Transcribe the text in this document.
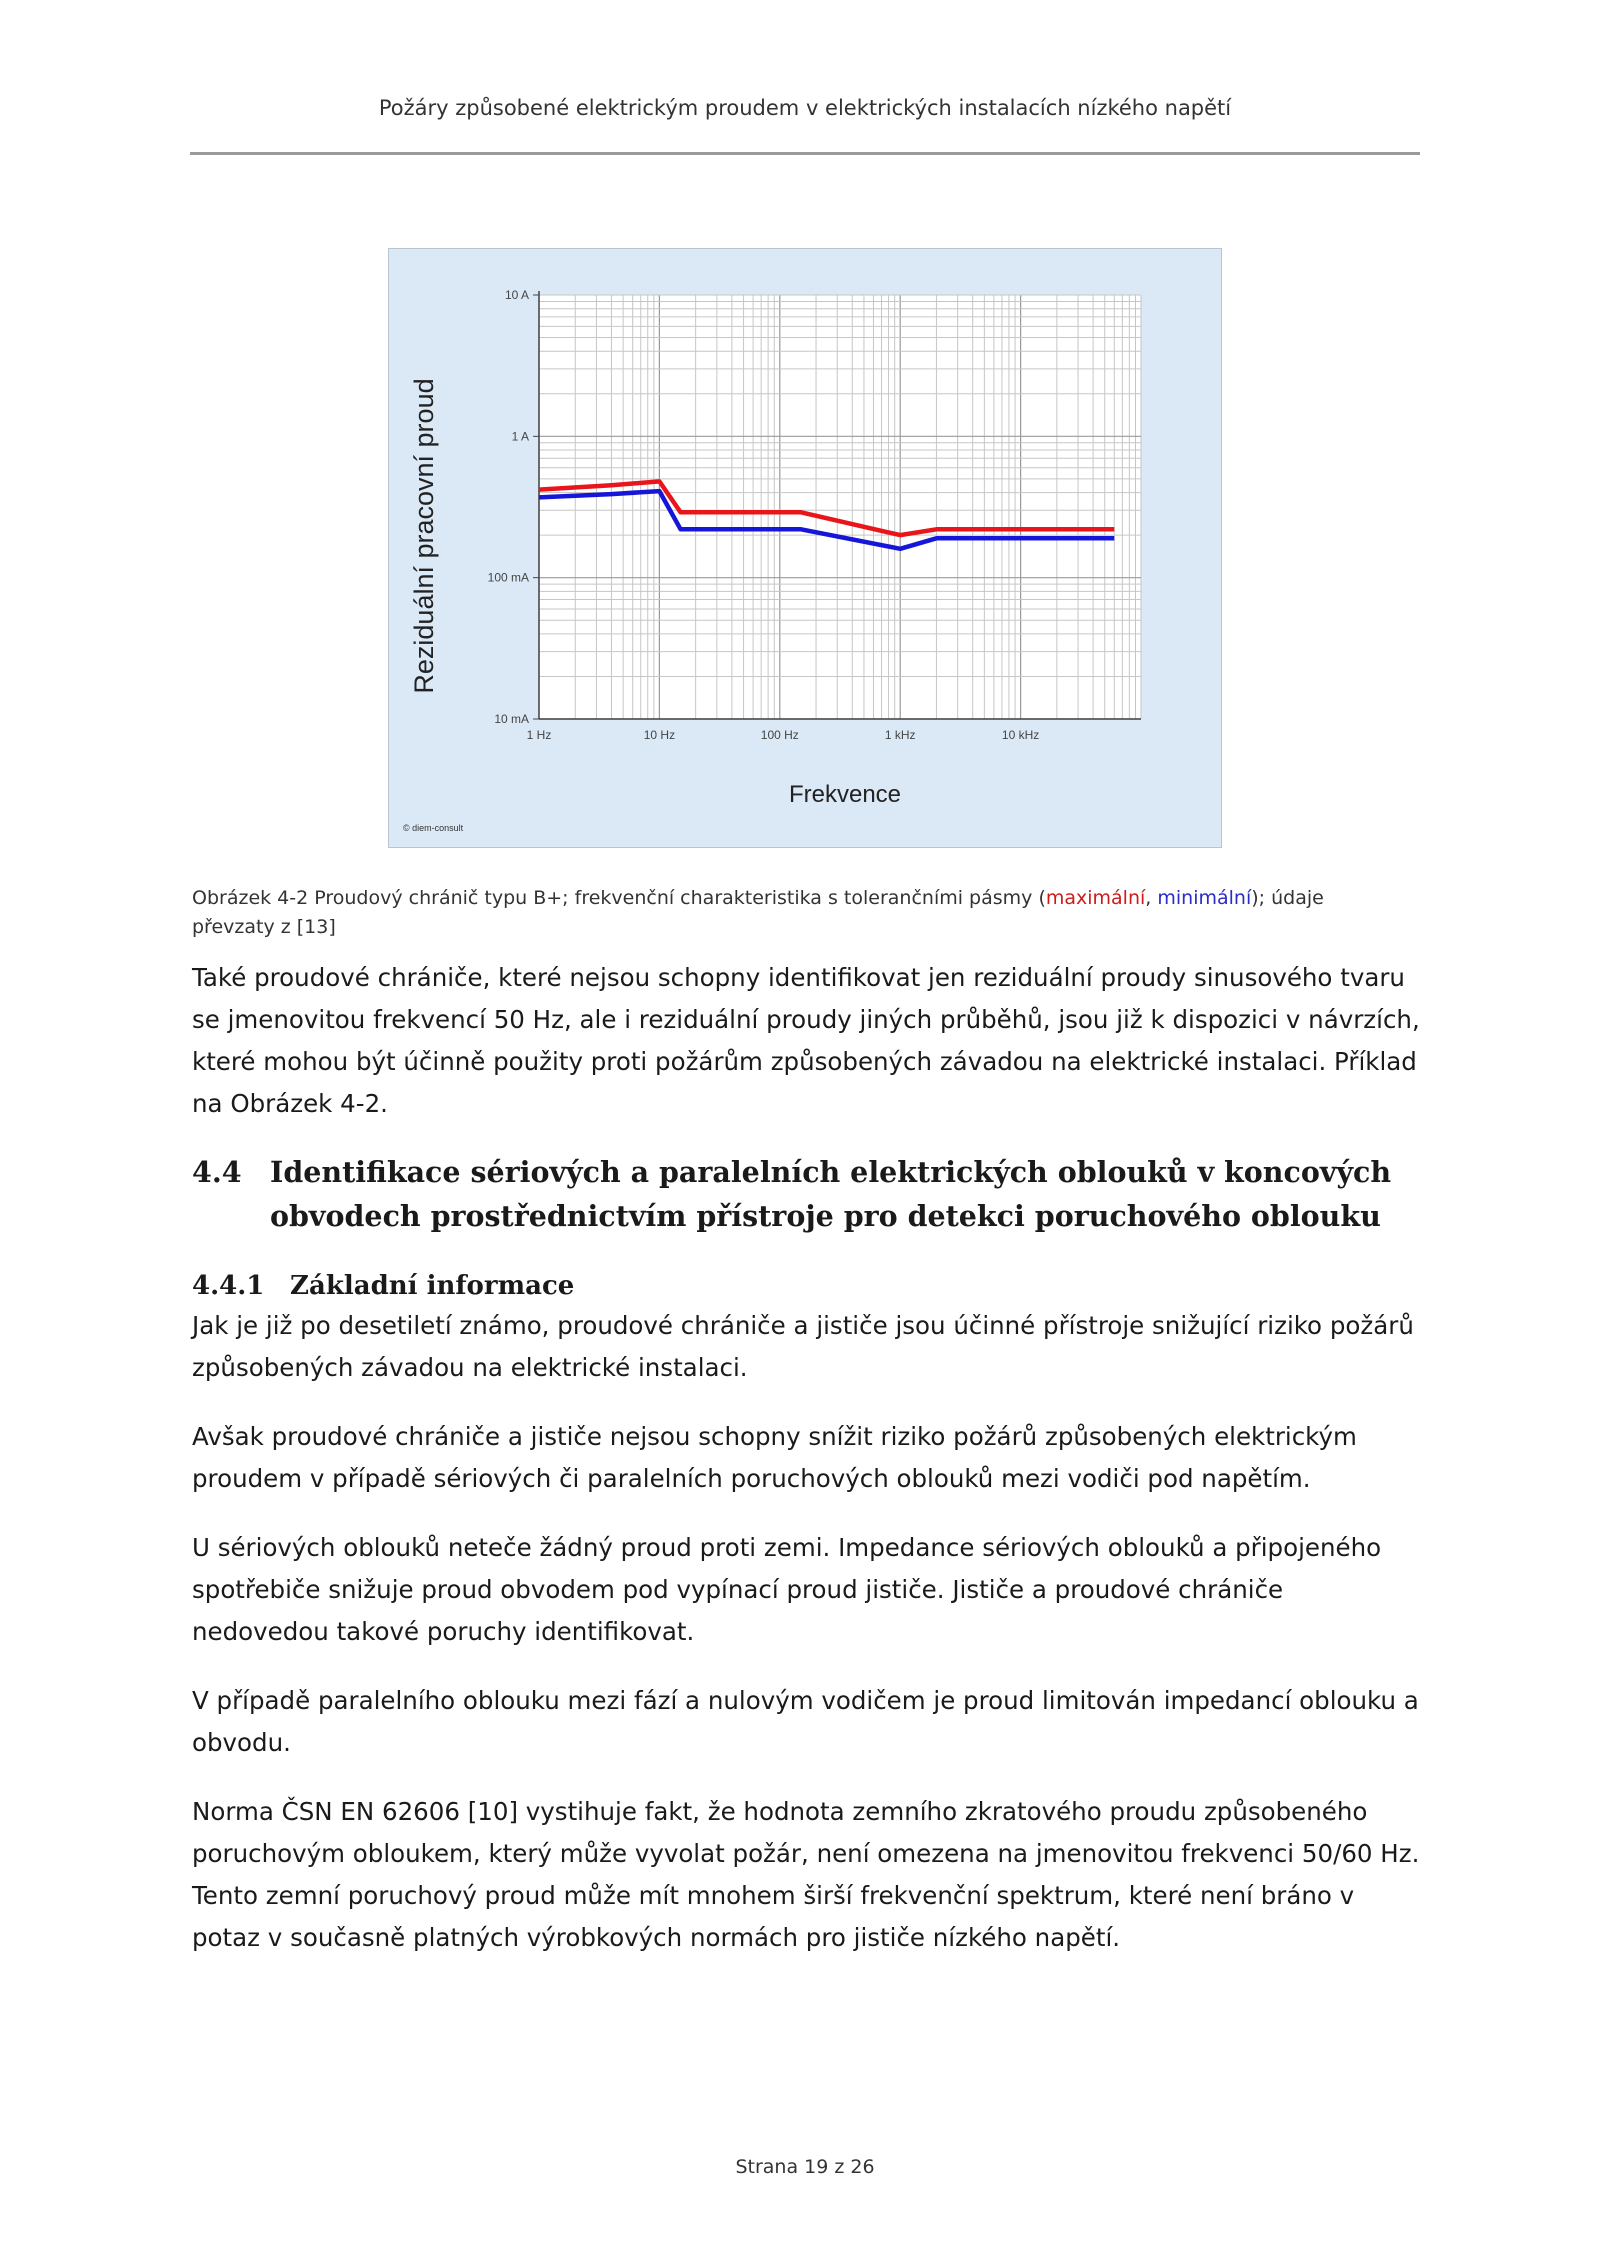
Požáry způsobené elektrickým proudem v elektrických instalacích nízkého napětí
10 mA
100 mA
1 A
10 A
1 Hz	10 Hz	100 Hz	1 kHz	10 kHz
Reziduální pracovní proud
Frekvence
© diem-consult
Obrázek 4-2 Proudový chránič typu B+; frekvenční charakteristika s tolerančními pásmy (maximální, minimální); údaje převzaty z [13]

Také proudové chrániče, které nejsou schopny identifikovat jen reziduální proudy sinusového tvaru se jmenovitou frekvencí 50 Hz, ale i reziduální proudy jiných průběhů, jsou již k dispozici v návrzích, které mohou být účinně použity proti požárům způsobených závadou na elektrické instalaci. Příklad na Obrázek 4-2.

4.4 Identifikace sériových a paralelních elektrických oblouků v koncových obvodech prostřednictvím přístroje pro detekci poruchového oblouku
4.4.1 Základní informace

Jak je již po desetiletí známo, proudové chrániče a jističe jsou účinné přístroje snižující riziko požárů způsobených závadou na elektrické instalaci.

Avšak proudové chrániče a jističe nejsou schopny snížit riziko požárů způsobených elektrickým proudem v případě sériových či paralelních poruchových oblouků mezi vodiči pod napětím.

U sériových oblouků neteče žádný proud proti zemi. Impedance sériových oblouků a připojeného spotřebiče snižuje proud obvodem pod vypínací proud jističe. Jističe a proudové chrániče nedovedou takové poruchy identifikovat.

V případě paralelního oblouku mezi fází a nulovým vodičem je proud limitován impedancí oblouku a obvodu.

Norma ČSN EN 62606 [10] vystihuje fakt, že hodnota zemního zkratového proudu způsobeného poruchovým obloukem, který může vyvolat požár, není omezena na jmenovitou frekvenci 50/60 Hz. Tento zemní poruchový proud může mít mnohem širší frekvenční spektrum, které není bráno v potaz v současně platných výrobkových normách pro jističe nízkého napětí.

Strana 19 z 26
